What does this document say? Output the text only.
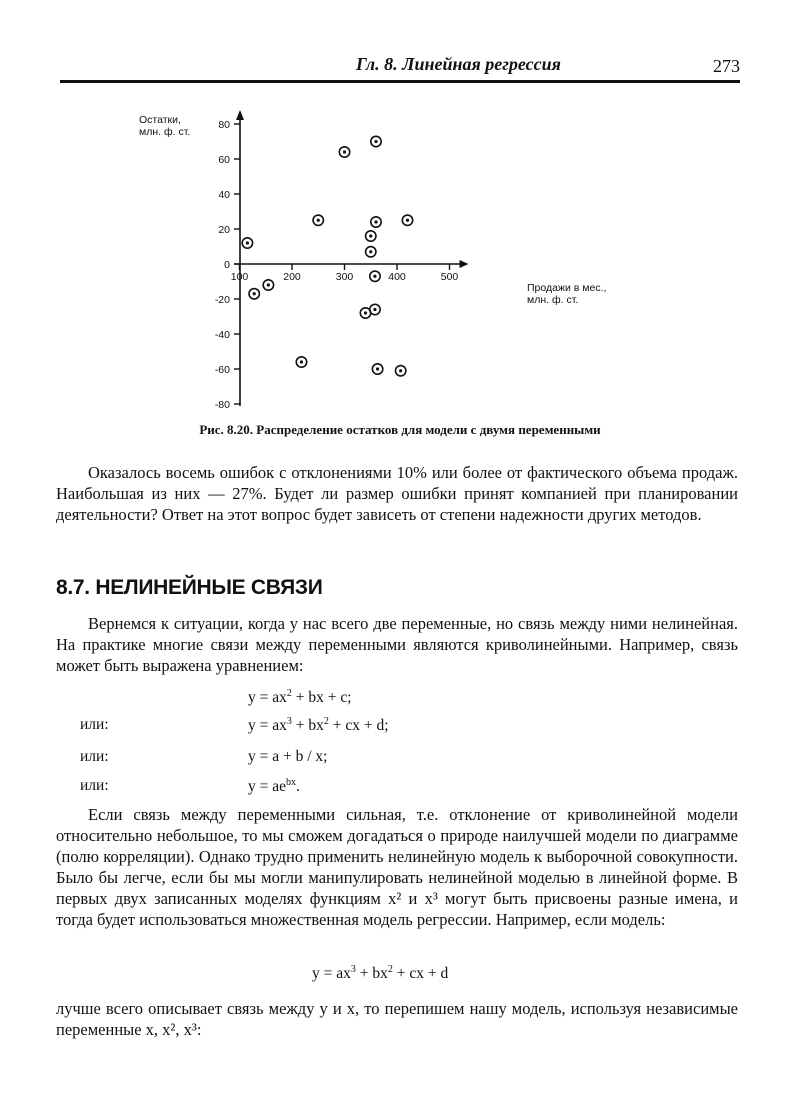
Гл. 8. Линейная регрессия	273
Остатки,
млн. ф. ст.
Продажи в мес.,
млн. ф. ст.
80
60
40
20
0
-20
-40
-60
-80
100	200	300	400	500
Рис. 8.20. Распределение остатков для модели с двумя переменными

Оказалось восемь ошибок с отклонениями 10% или более от фактического объема продаж. Наибольшая из них — 27%. Будет ли размер ошибки принят компанией при планировании деятельности? Ответ на этот вопрос будет зависеть от степени надежности других методов.

8.7. НЕЛИНЕЙНЫЕ СВЯЗИ

Вернемся к ситуации, когда у нас всего две переменные, но связь между ними нелинейная. На практике многие связи между переменными являются криволинейными. Например, связь может быть выражена уравнением:

$y = ax^2$ + bx + c;
или:	$y = ax^3 + bx^2$ + cx + d;
или:	y = a + b / x;
или:	$y = ae^{bx}$.

Если связь между переменными сильная, т.е. отклонение от криволинейной модели относительно небольшое, то мы сможем догадаться о природе наилучшей модели по диаграмме (полю корреляции). Однако трудно применить нелинейную модель к выборочной совокупности. Было бы легче, если бы мы могли манипулировать нелинейной моделью в линейной форме. В первых двух записанных моделях функциям x² и x³ могут быть присвоены разные имена, и тогда будет использоваться множественная модель регрессии. Например, если модель:

$y = ax^3 + bx^2$ + cx + d

лучше всего описывает связь между y и x, то перепишем нашу модель, используя независимые переменные x, x², x³:
